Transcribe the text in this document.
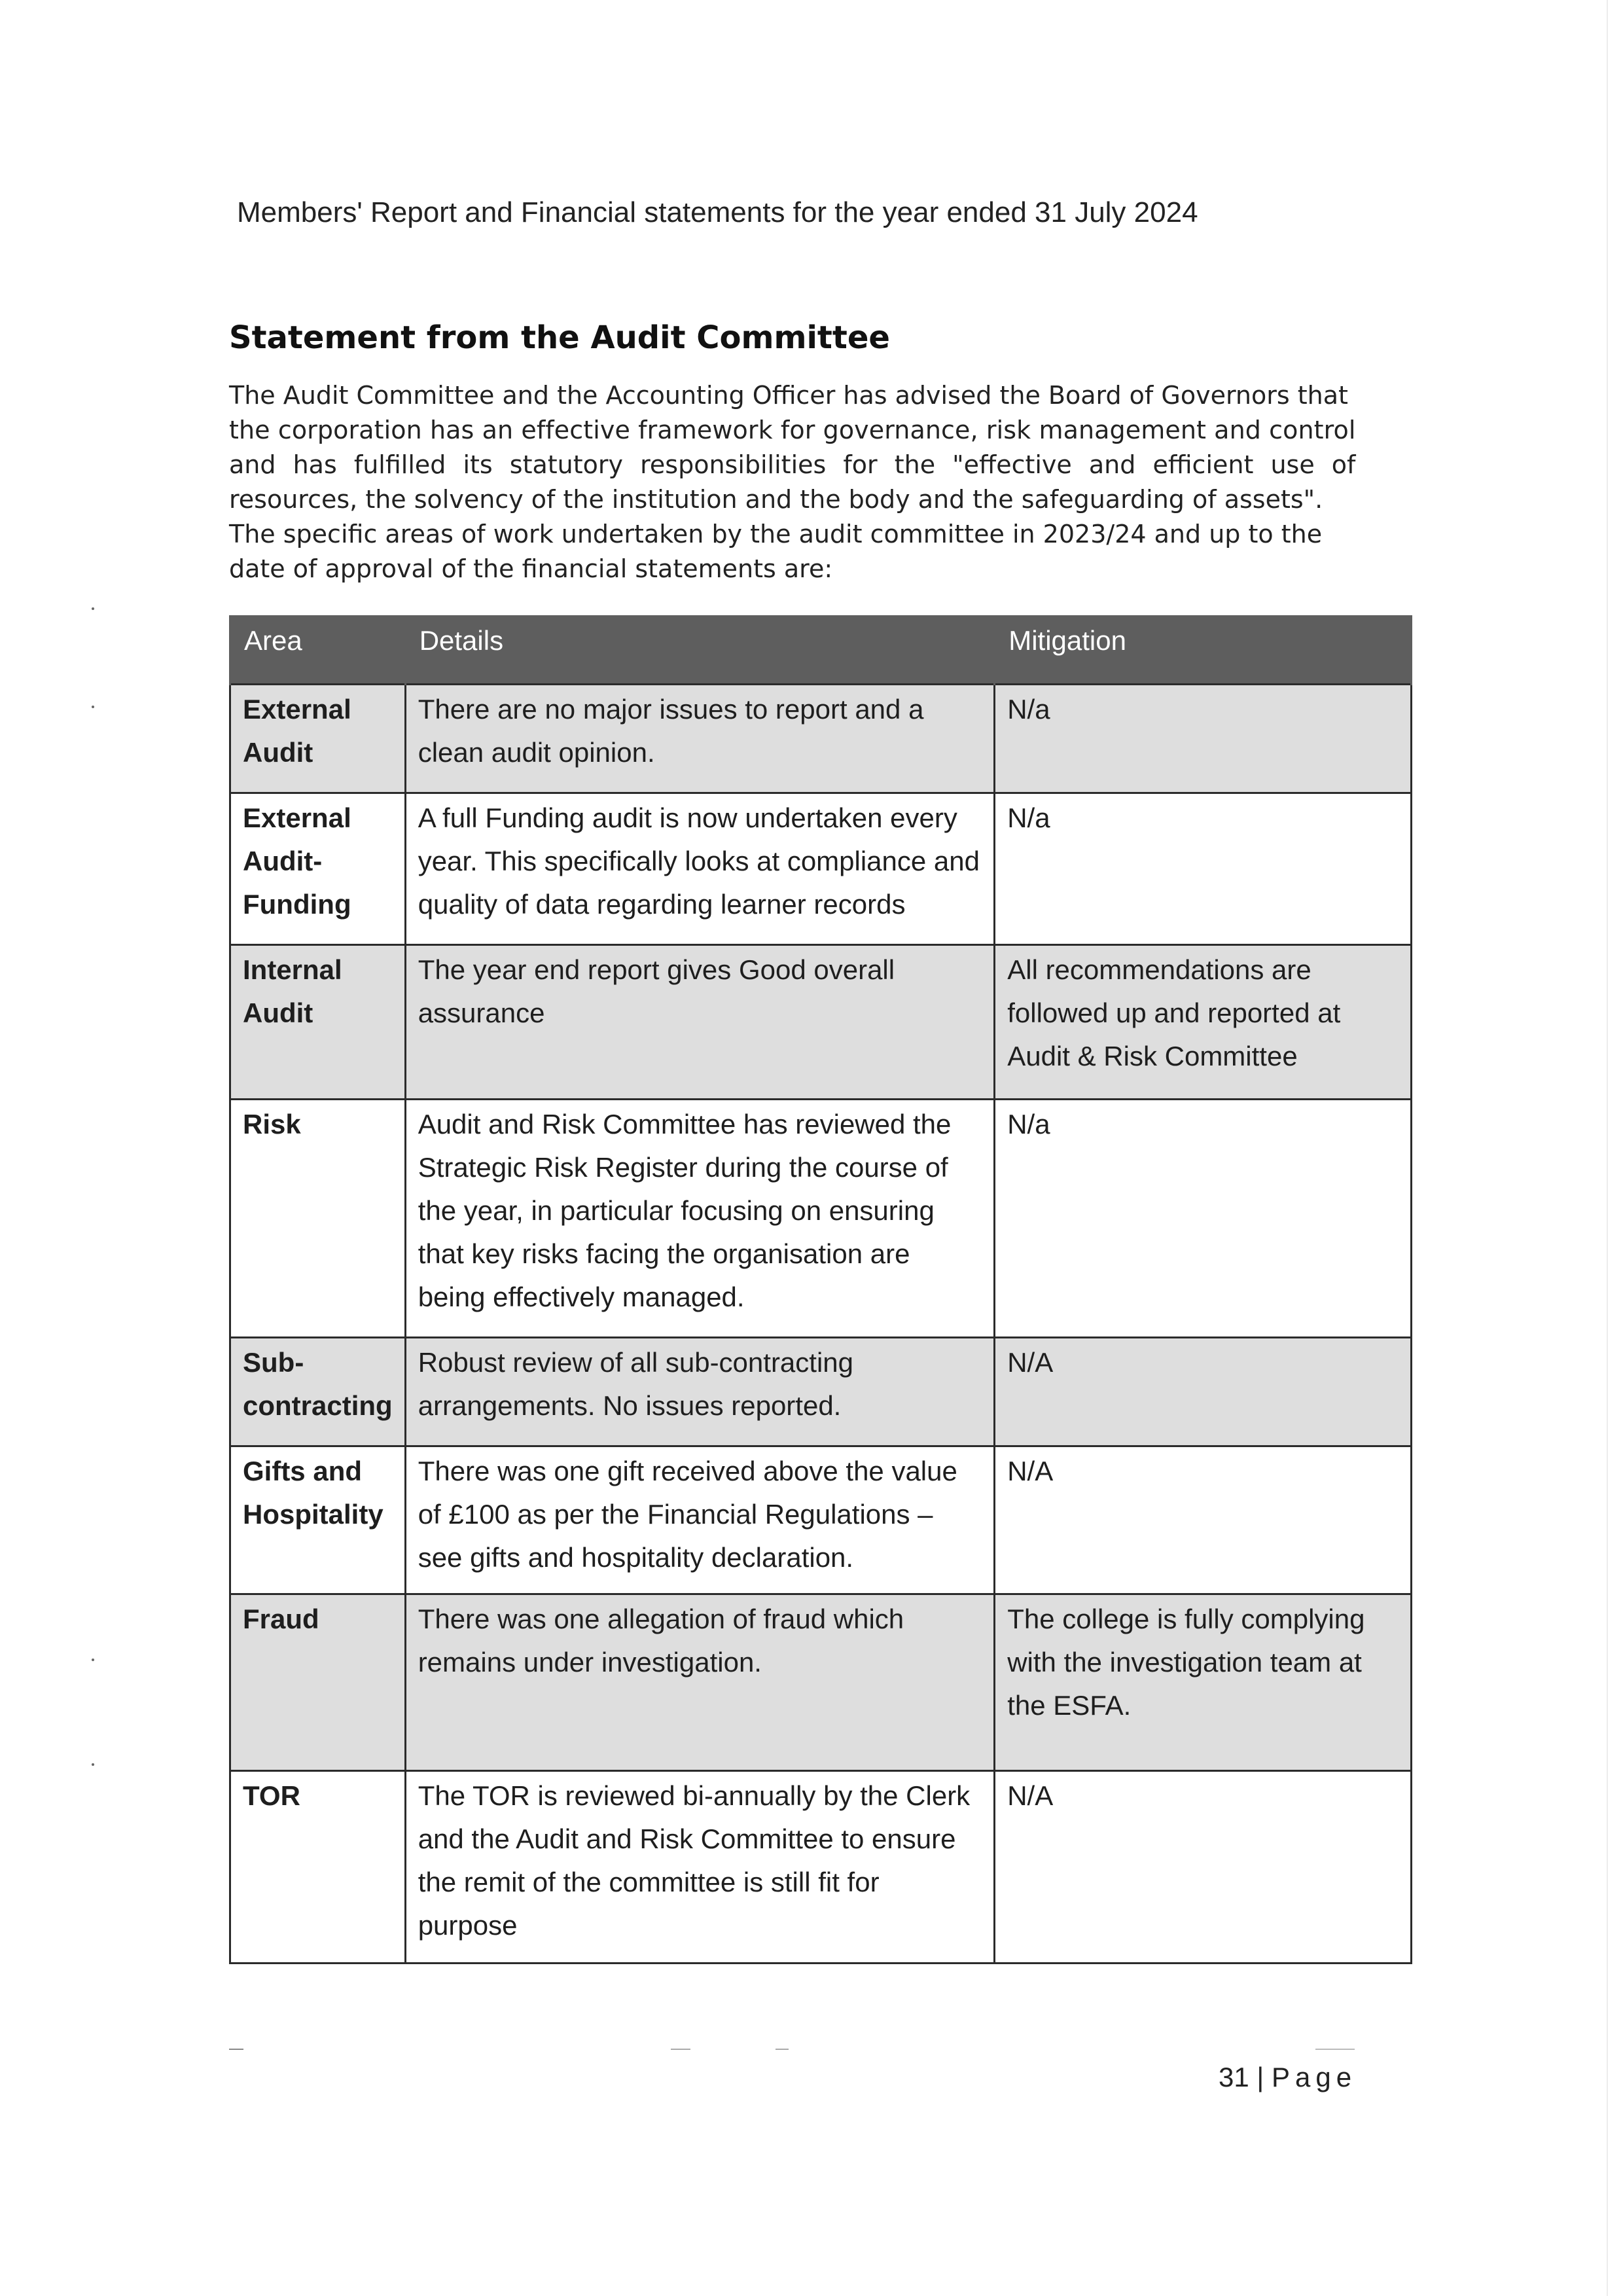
Members' Report and Financial statements for the year ended 31 July 2024
Statement from the Audit Committee
The Audit Committee and the Accounting Officer has advised the Board of Governors that
the corporation has an effective framework for governance, risk management and control
and has fulfilled its statutory responsibilities for the "effective and efficient use of
resources, the solvency of the institution and the body and the safeguarding of assets".
The specific areas of work undertaken by the audit committee in 2023/24 and up to the
date of approval of the financial statements are:
Area	Details	Mitigation
External Audit	There are no major issues to report and a clean audit opinion.	N/a
External Audit-Funding	A full Funding audit is now undertaken every year. This specifically looks at compliance and quality of data regarding learner records	N/a
Internal Audit	The year end report gives Good overall assurance	All recommendations are followed up and reported at Audit & Risk Committee
Risk	Audit and Risk Committee has reviewed the Strategic Risk Register during the course of the year, in particular focusing on ensuring that key risks facing the organisation are being effectively managed.	N/a
Sub-contracting	Robust review of all sub-contracting arrangements. No issues reported.	N/A
Gifts and Hospitality	There was one gift received above the value of £100 as per the Financial Regulations – see gifts and hospitality declaration.	N/A
Fraud	There was one allegation of fraud which remains under investigation.	The college is fully complying with the investigation team at the ESFA.
TOR	The TOR is reviewed bi-annually by the Clerk and the Audit and Risk Committee to ensure the remit of the committee is still fit for purpose	N/A
31 | Page
